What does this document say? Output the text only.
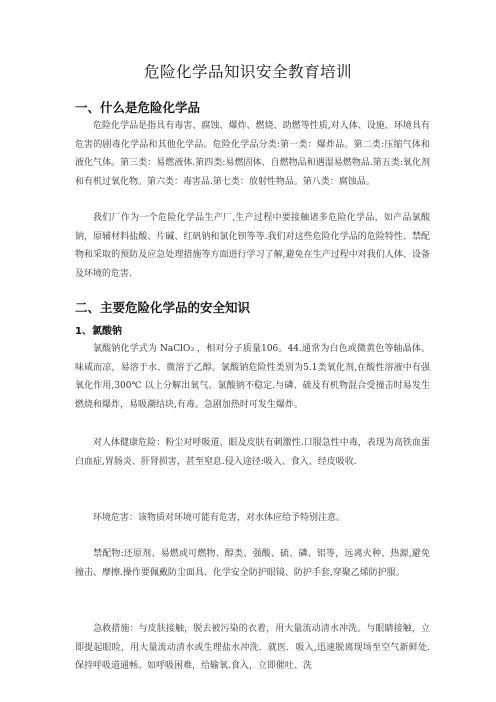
危险化学品知识安全教育培训
一、什么是危险化学品
危险化学品是指具有毒害、腐蚀、爆炸、燃烧、助燃等性质,对人体、设施、环境具有危害的剧毒化学品和其他化学品。危险化学品分类:第一类：爆炸品。第二类:压缩气体和液化气体。第三类：易燃液体.第四类:易燃固体、自燃物品和遇湿易燃物品.第五类:氧化剂和有机过氧化物。第六类：毒害品.第七类：放射性物品。第八类：腐蚀品。
我们厂作为一个危险化学品生产厂,生产过程中要接触诸多危险化学品，如产品氯酸钠，原辅材料盐酸、片碱、红矾钠和氯化钡等等.我们对这些危险化学品的危险特性、禁配物和采取的预防及应急处理措施等方面进行学习了解,避免在生产过程中对我们人体、设备及环境的危害.
二、主要危险化学品的安全知识
1、氯酸钠
氯酸钠化学式为 NaClO₃ ，相对分子质量106。44.通常为白色或微黄色等轴晶体。味咸而凉，易溶于水、微溶于乙醇。氯酸钠危险性类别为5.1类氧化剂,在酸性溶液中有强氧化作用,300℃ 以上分解出氧气。氯酸钠不稳定.与磷、硫及有机物混合受撞击时易发生燃烧和爆炸，易吸潮结块,有毒。急剧加热时可发生爆炸。
对人体健康危险：粉尘对呼吸道、眼及皮肤有刺激性.口服急性中毒，表现为高铁血蛋白血症,胃肠炎、肝肾损害，甚至窒息.侵入途径:吸入、食入、经皮吸收.
环境危害：该物质对环境可能有危害，对水体应给予特别注意。
禁配物:还原剂、易燃或可燃物、醇类、强酸、硫、磷、铝等，远离火种、热源,避免撞击、摩擦.操作要佩戴防尘面具、化学安全防护眼镜、防护手套,穿聚乙烯防护服。
急救措施：与皮肤接触，脱去被污染的衣着，用大量流动清水冲洗。与眼睛接触，立即提起眼睑，用大量流动清水或生理盐水冲洗．就医．吸入,迅速脱离现场至空气新鲜处.保持呼吸道通畅。如呼吸困难，给输氧.食入，立即催吐、洗
